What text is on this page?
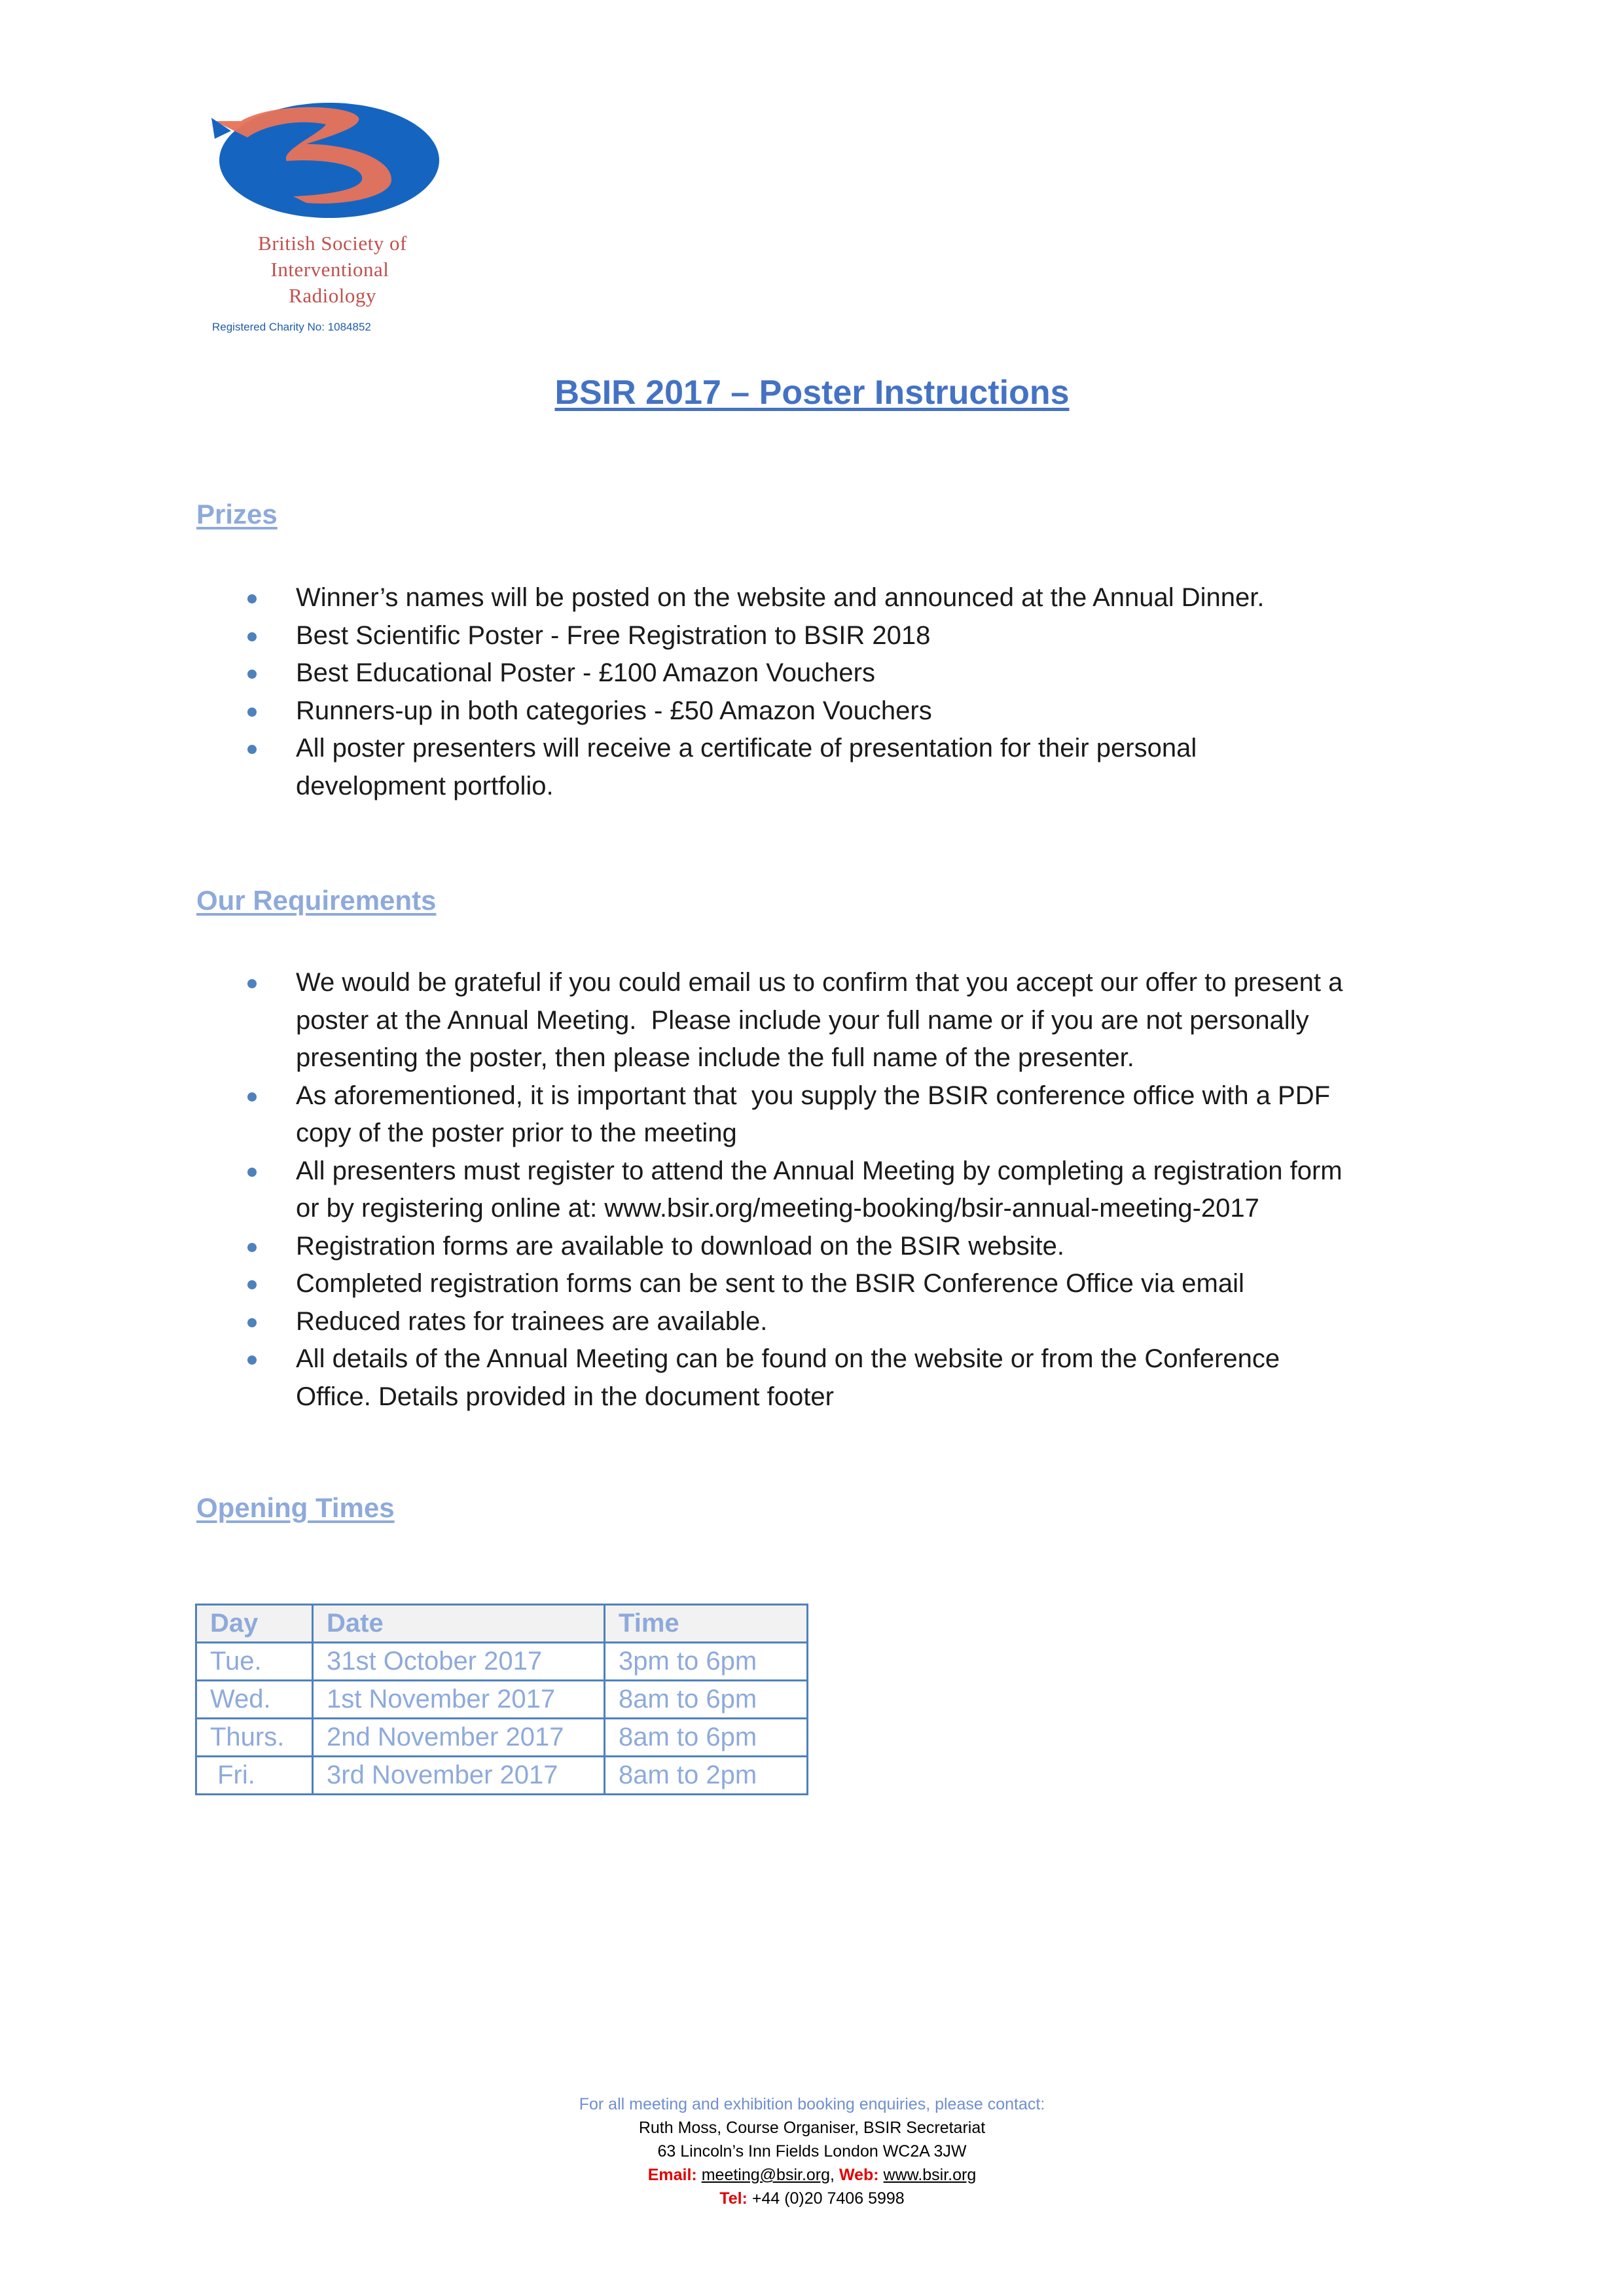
British Society of
Interventional
Radiology
Registered Charity No: 1084852
BSIR 2017 – Poster Instructions
Prizes
Winner’s names will be posted on the website and announced at the Annual Dinner.
Best Scientific Poster - Free Registration to BSIR 2018
Best Educational Poster - £100 Amazon Vouchers
Runners-up in both categories - £50 Amazon Vouchers
All poster presenters will receive a certificate of presentation for their personal
development portfolio.
Our Requirements
We would be grateful if you could email us to confirm that you accept our offer to present a
poster at the Annual Meeting.  Please include your full name or if you are not personally
presenting the poster, then please include the full name of the presenter.
As aforementioned, it is important that  you supply the BSIR conference office with a PDF
copy of the poster prior to the meeting
All presenters must register to attend the Annual Meeting by completing a registration form
or by registering online at: www.bsir.org/meeting-booking/bsir-annual-meeting-2017
Registration forms are available to download on the BSIR website.
Completed registration forms can be sent to the BSIR Conference Office via email
Reduced rates for trainees are available.
All details of the Annual Meeting can be found on the website or from the Conference
Office. Details provided in the document footer
Opening Times
Day	Date	Time
Tue.	31st October 2017	3pm to 6pm
Wed.	1st November 2017	8am to 6pm
Thurs.	2nd November 2017	8am to 6pm
Fri.	3rd November 2017	8am to 2pm
For all meeting and exhibition booking enquiries, please contact:
Ruth Moss, Course Organiser, BSIR Secretariat
63 Lincoln’s Inn Fields London WC2A 3JW
Email: meeting@bsir.org, Web: www.bsir.org
Tel: +44 (0)20 7406 5998
